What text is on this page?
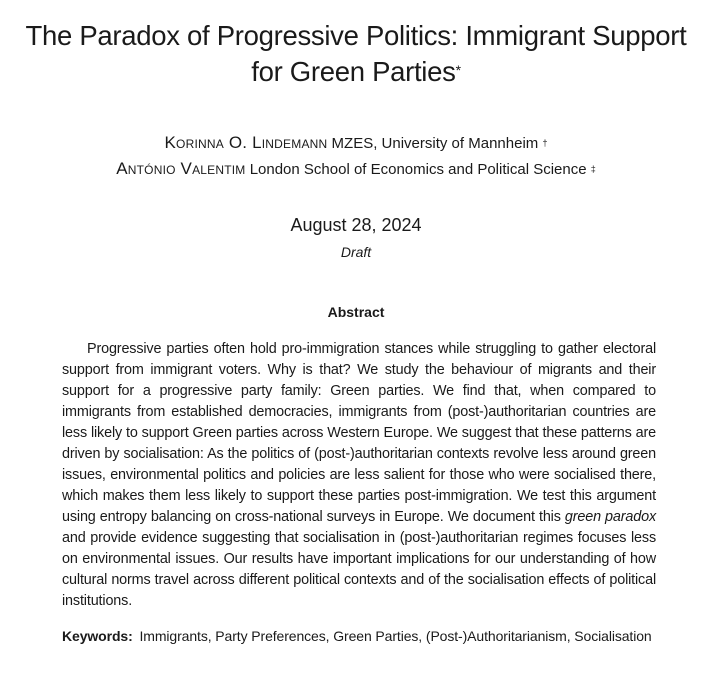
The Paradox of Progressive Politics: Immigrant Support
for Green Parties*
Korinna O. Lindemann MZES, University of Mannheim †
António Valentim London School of Economics and Political Science ‡
August 28, 2024
Draft
Abstract

Progressive parties often hold pro-immigration stances while struggling to gather electoral support from immigrant voters. Why is that? We study the behaviour of migrants and their support for a progressive party family: Green parties. We find that, when compared to immigrants from established democracies, immigrants from (post-)authoritarian countries are less likely to support Green parties across Western Europe. We suggest that these patterns are driven by socialisation: As the politics of (post-)authoritarian contexts revolve less around green issues, environmental politics and policies are less salient for those who were socialised there, which makes them less likely to support these parties post-immigration. We test this argument using entropy balancing on cross-national surveys in Europe. We document this green paradox and provide evidence suggesting that socialisation in (post-)authoritarian regimes focuses less on environmental issues. Our results have important implications for our understanding of how cultural norms travel across different political contexts and of the socialisation effects of political institutions.

Keywords: Immigrants, Party Preferences, Green Parties, (Post-)Authoritarianism, Socialisation
